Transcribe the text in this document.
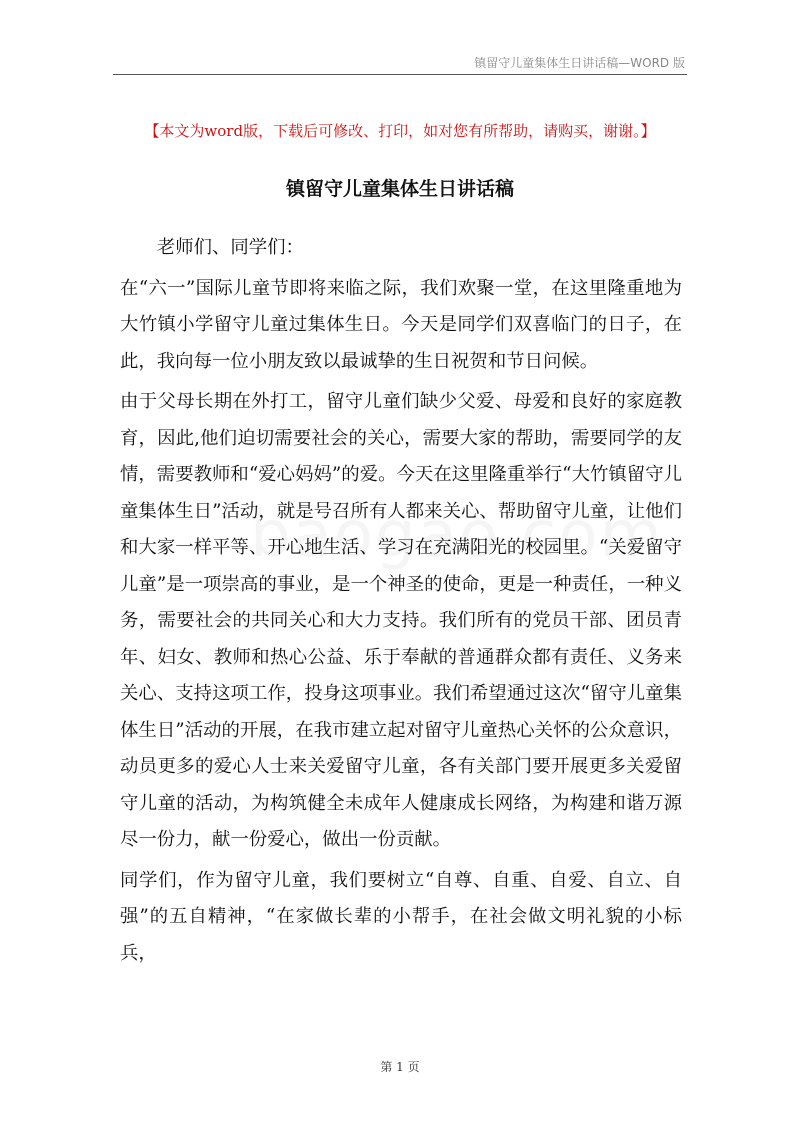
镇留守儿童集体生日讲话稿—WORD 版
【本文为word版，下载后可修改、打印，如对您有所帮助，请购买，谢谢。】
镇留守儿童集体生日讲话稿

老师们、同学们：

在“六一”国际儿童节即将来临之际，我们欢聚一堂，在这里隆重地为大竹镇小学留守儿童过集体生日。今天是同学们双喜临门的日子，在此，我向每一位小朋友致以最诚挚的生日祝贺和节日问候。

由于父母长期在外打工，留守儿童们缺少父爱、母爱和良好的家庭教育，因此,他们迫切需要社会的关心，需要大家的帮助，需要同学的友情，需要教师和“爱心妈妈”的爱。今天在这里隆重举行“大竹镇留守儿童集体生日”活动，就是号召所有人都来关心、帮助留守儿童，让他们和大家一样平等、开心地生活、学习在充满阳光的校园里。“关爱留守儿童”是一项崇高的事业，是一个神圣的使命，更是一种责任，一种义务，需要社会的共同关心和大力支持。我们所有的党员干部、团员青年、妇女、教师和热心公益、乐于奉献的普通群众都有责任、义务来关心、支持这项工作，投身这项事业。我们希望通过这次“留守儿童集体生日”活动的开展，在我市建立起对留守儿童热心关怀的公众意识，动员更多的爱心人士来关爱留守儿童，各有关部门要开展更多关爱留守儿童的活动，为构筑健全未成年人健康成长网络，为构建和谐万源尽一份力，献一份爱心，做出一份贡献。

同学们，作为留守儿童，我们要树立“自尊、自重、自爱、自立、自强”的五自精神，“在家做长辈的小帮手，在社会做文明礼貌的小标兵，

第 1 页
